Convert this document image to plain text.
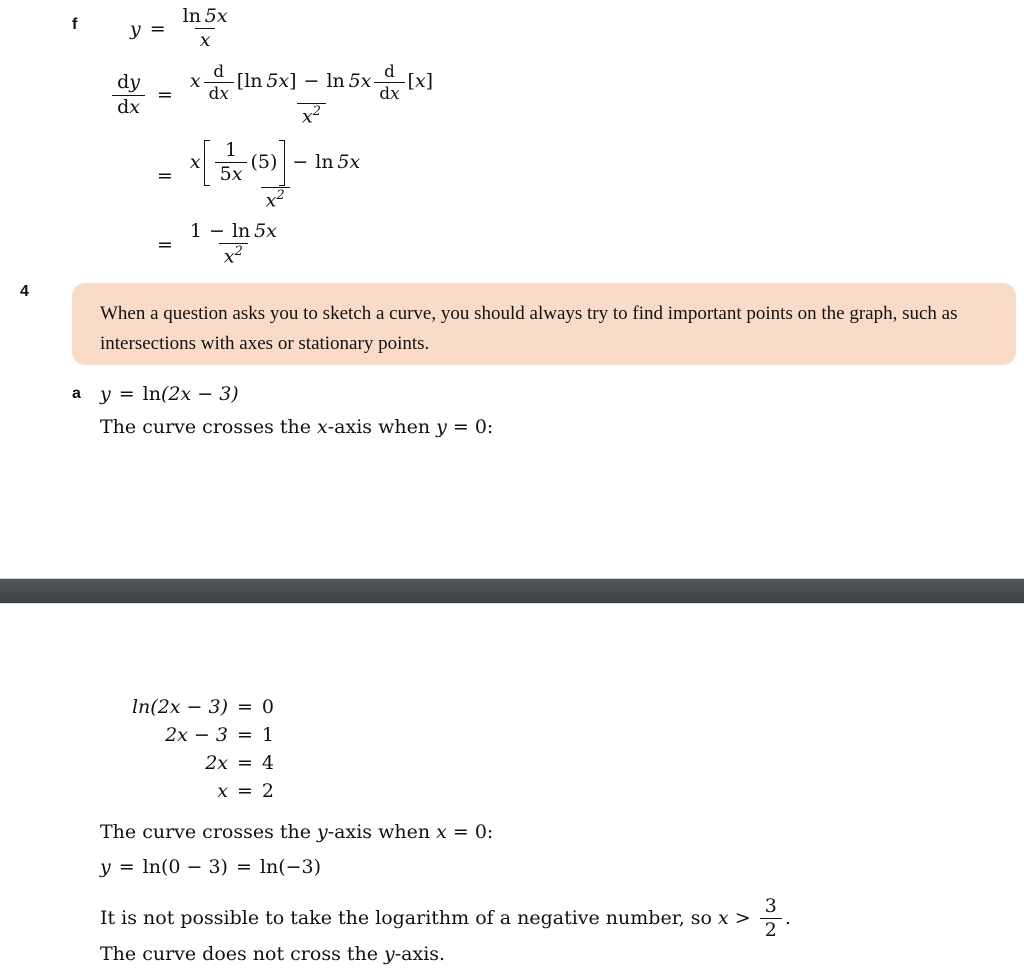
f	$y = \frac{\ln 5x}{x}$
$\frac{dy}{dx} = \frac{x \frac{d}{dx} [\ln 5x] - \ln 5x \frac{d}{dx} [x]}{x^2}$
= $\frac{x \frac{1}{5x} (5) - \ln 5x}{x^2}$
= $\frac{1 - \ln 5x}{x^2}$
4
When a question asks you to sketch a curve, you should always try to find important points on the graph, such as intersections with axes or stationary points.
a y = ln(2x − 3)
The curve crosses the x-axis when y = 0:
ln(2x − 3) = 0
2x − 3 = 1
2x = 4
x = 2
The curve crosses the y-axis when x = 0:
y = ln(0 − 3) = ln(−3)
It is not possible to take the logarithm of a negative number, so $x > \frac{3}{2}$ .
The curve does not cross the y-axis.
